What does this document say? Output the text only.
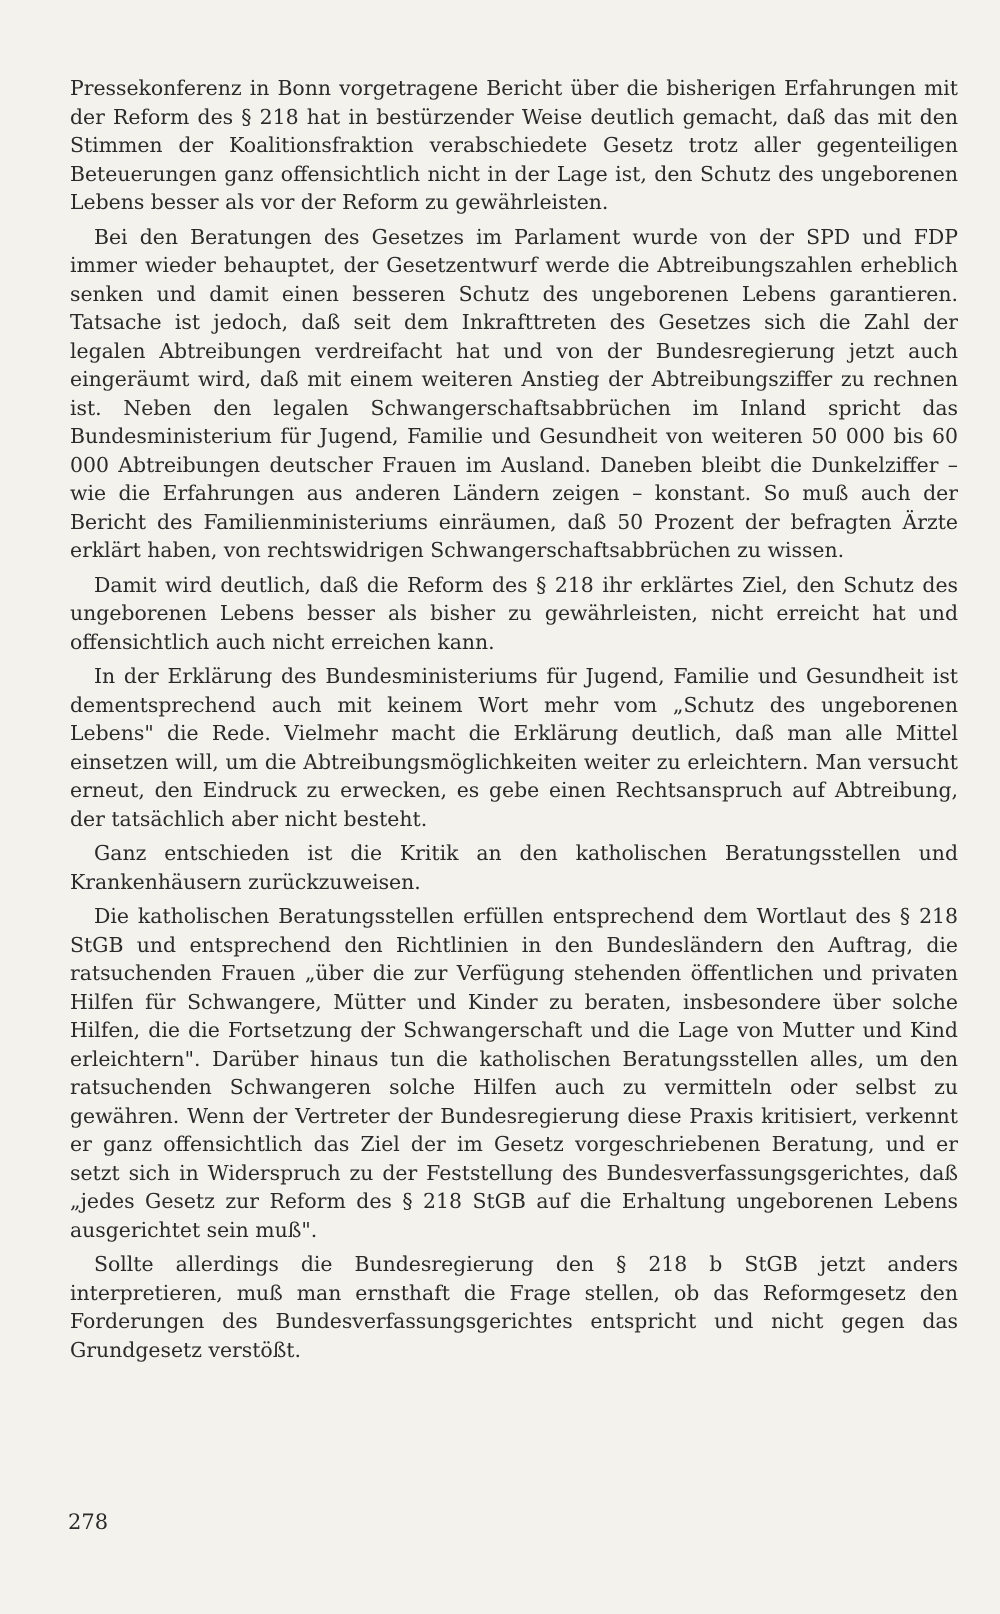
Pressekonferenz in Bonn vorgetragene Bericht über die bisherigen Erfahrungen mit der Reform des § 218 hat in bestürzender Weise deutlich gemacht, daß das mit den Stimmen der Koalitionsfraktion verabschiedete Gesetz trotz aller gegenteiligen Beteuerungen ganz offensichtlich nicht in der Lage ist, den Schutz des ungeborenen Lebens besser als vor der Reform zu gewährleisten.

Bei den Beratungen des Gesetzes im Parlament wurde von der SPD und FDP immer wieder behauptet, der Gesetzentwurf werde die Abtreibungszahlen erheblich senken und damit einen besseren Schutz des ungeborenen Lebens garantieren. Tatsache ist jedoch, daß seit dem Inkrafttreten des Gesetzes sich die Zahl der legalen Abtreibungen verdreifacht hat und von der Bundesregierung jetzt auch eingeräumt wird, daß mit einem weiteren Anstieg der Abtreibungsziffer zu rechnen ist. Neben den legalen Schwangerschaftsabbrüchen im Inland spricht das Bundesministerium für Jugend, Familie und Gesundheit von weiteren 50 000 bis 60 000 Abtreibungen deutscher Frauen im Ausland. Daneben bleibt die Dunkelziffer – wie die Erfahrungen aus anderen Ländern zeigen – konstant. So muß auch der Bericht des Familienministeriums einräumen, daß 50 Prozent der befragten Ärzte erklärt haben, von rechtswidrigen Schwangerschaftsabbrüchen zu wissen.

Damit wird deutlich, daß die Reform des § 218 ihr erklärtes Ziel, den Schutz des ungeborenen Lebens besser als bisher zu gewährleisten, nicht erreicht hat und offensichtlich auch nicht erreichen kann.

In der Erklärung des Bundesministeriums für Jugend, Familie und Gesundheit ist dementsprechend auch mit keinem Wort mehr vom „Schutz des ungeborenen Lebens" die Rede. Vielmehr macht die Erklärung deutlich, daß man alle Mittel einsetzen will, um die Abtreibungsmöglichkeiten weiter zu erleichtern. Man versucht erneut, den Eindruck zu erwecken, es gebe einen Rechtsanspruch auf Abtreibung, der tatsächlich aber nicht besteht.

Ganz entschieden ist die Kritik an den katholischen Beratungsstellen und Krankenhäusern zurückzuweisen.

Die katholischen Beratungsstellen erfüllen entsprechend dem Wortlaut des § 218 StGB und entsprechend den Richtlinien in den Bundesländern den Auftrag, die ratsuchenden Frauen „über die zur Verfügung stehenden öffentlichen und privaten Hilfen für Schwangere, Mütter und Kinder zu beraten, insbesondere über solche Hilfen, die die Fortsetzung der Schwangerschaft und die Lage von Mutter und Kind erleichtern". Darüber hinaus tun die katholischen Beratungsstellen alles, um den ratsuchenden Schwangeren solche Hilfen auch zu vermitteln oder selbst zu gewähren. Wenn der Vertreter der Bundesregierung diese Praxis kritisiert, verkennt er ganz offensichtlich das Ziel der im Gesetz vorgeschriebenen Beratung, und er setzt sich in Widerspruch zu der Feststellung des Bundesverfassungsgerichtes, daß „jedes Gesetz zur Reform des § 218 StGB auf die Erhaltung ungeborenen Lebens ausgerichtet sein muß".

Sollte allerdings die Bundesregierung den § 218 b StGB jetzt anders interpretieren, muß man ernsthaft die Frage stellen, ob das Reformgesetz den Forderungen des Bundesverfassungsgerichtes entspricht und nicht gegen das Grundgesetz verstößt.

278
